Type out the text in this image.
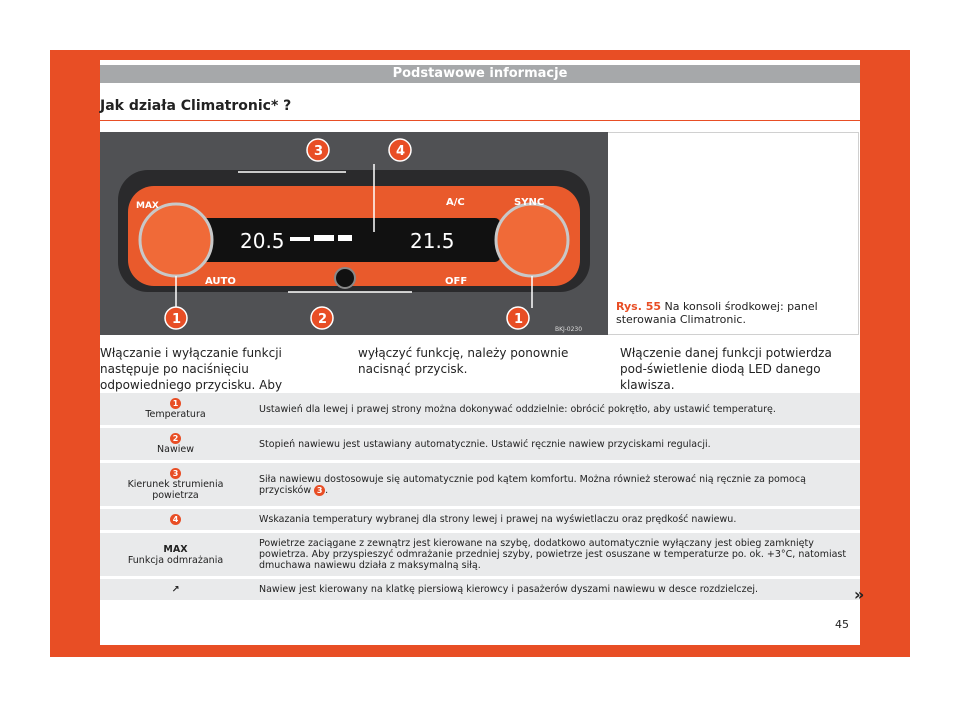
Podstawowe informacje
Jak działa Climatronic* ?
20.5	21.5
MAX	A/C	SYNC
AUTO	OFF
1	2	1
3	4
BKJ-0230
Rys. 55 Na konsoli środkowej: panel sterowania Climatronic.
Włączanie i wyłączanie funkcji następuje po naciśnięciu odpowiedniego przycisku. Aby
wyłączyć funkcję, należy ponownie nacisnąć przycisk.
Włączenie danej funkcji potwierdza pod-świetlenie diodą LED danego klawisza.
1
Temperatura	Ustawień dla lewej i prawej strony można dokonywać oddzielnie: obrócić pokrętło, aby ustawić temperaturę.
2
Nawiew	Stopień nawiewu jest ustawiany automatycznie. Ustawić ręcznie nawiew przyciskami regulacji.
3
Kierunek strumienia powietrza	Siła nawiewu dostosowuje się automatycznie pod kątem komfortu. Można również sterować nią ręcznie za pomocą przycisków 3 .
4	Wskazania temperatury wybranej dla strony lewej i prawej na wyświetlaczu oraz prędkość nawiewu.
MAX
Funkcja odmrażania	Powietrze zaciągane z zewnątrz jest kierowane na szybę, dodatkowo automatycznie wyłączany jest obieg zamknięty powietrza. Aby przyspieszyć odmrażanie przedniej szyby, powietrze jest osuszane w temperaturze po. ok. +3°C, natomiast dmuchawa nawiewu działa z maksymalną siłą.
↗	Nawiew jest kierowany na klatkę piersiową kierowcy i pasażerów dyszami nawiewu w desce rozdzielczej.	»
45
